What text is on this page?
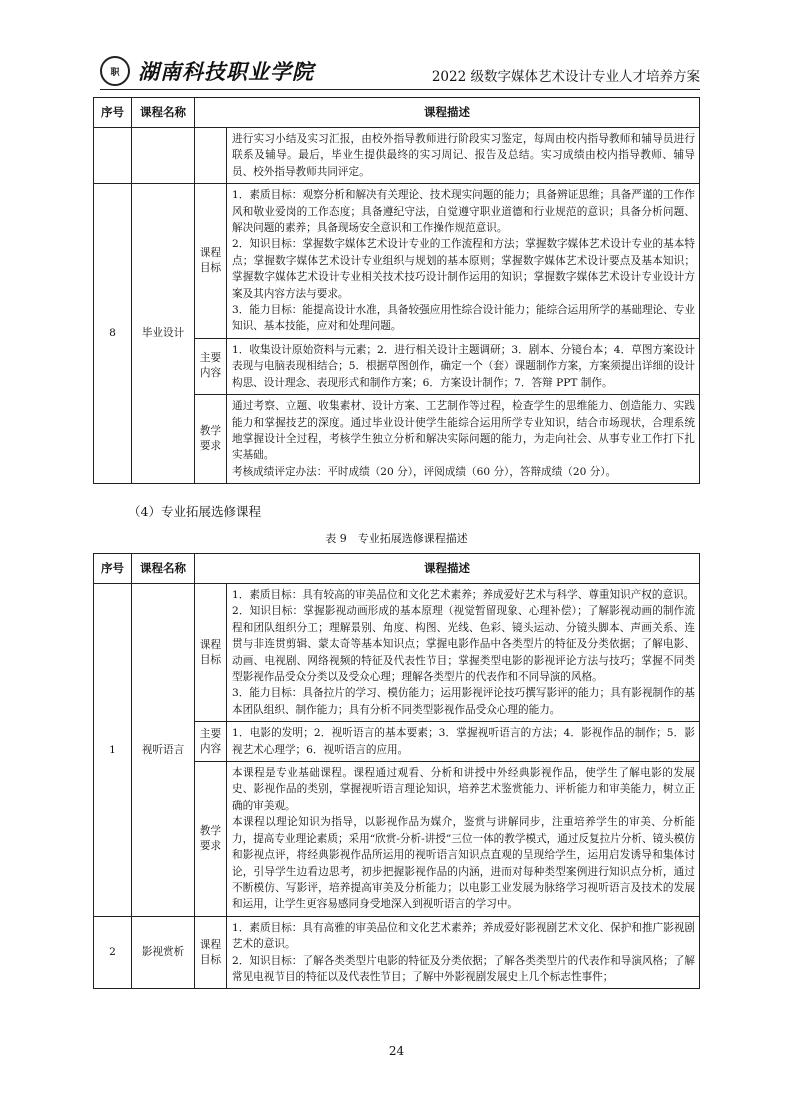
职 湖南科技职业学院	2022 级数字媒体艺术设计专业人才培养方案
序号	课程名称	课程描述	
			进行实习小结及实习汇报，由校外指导教师进行阶段实习鉴定，每周由校内指导教师和辅导员进行联系及辅导。最后，毕业生提供最终的实习周记、报告及总结。实习成绩由校内指导教师、辅导员、校外指导教师共同评定。
8	毕业设计	课程目标	1．素质目标：观察分析和解决有关理论、技术现实问题的能力；具备辨证思维；具备严谨的工作作风和敬业爱岗的工作态度；具备遵纪守法，自觉遵守职业道德和行业规范的意识；具备分析问题、解决问题的素养；具备现场安全意识和工作操作规范意识。

2．知识目标：掌握数字媒体艺术设计专业的工作流程和方法；掌握数字媒体艺术设计专业的基本特点；掌握数字媒体艺术设计专业组织与规划的基本原则；掌握数字媒体艺术设计要点及基本知识；掌握数字媒体艺术设计专业相关技术技巧设计制作运用的知识；掌握数字媒体艺术设计专业设计方案及其内容方法与要求。

3．能力目标：能提高设计水准，具备较强应用性综合设计能力；能综合运用所学的基础理论、专业知识、基本技能，应对和处理问题。

		主要内容	1．收集设计原始资料与元素；2．进行相关设计主题调研；3．剧本、分镜台本；4．草图方案设计表现与电脑表现相结合；5．根据草图创作，确定一个（套）课题制作方案，方案须提出详细的设计构思、设计理念、表现形式和制作方案；6．方案设计制作；7．答辩 PPT 制作。
		教学要求	通过考察、立题、收集素材、设计方案、工艺制作等过程，检查学生的思维能力、创造能力、实践能力和掌握技艺的深度。通过毕业设计使学生能综合运用所学专业知识，结合市场现状，合理系统地掌握设计全过程，考核学生独立分析和解决实际问题的能力，为走向社会、从事专业工作打下扎实基础。

考核成绩评定办法：平时成绩（20 分），评阅成绩（60 分），答辩成绩（20 分）。

（4）专业拓展选修课程
表 9　专业拓展选修课程描述
序号	课程名称	课程描述	
1	视听语言	课程目标	1．素质目标：具有较高的审美品位和文化艺术素养；养成爱好艺术与科学、尊重知识产权的意识。

2．知识目标：掌握影视动画形成的基本原理（视觉暂留现象、心理补偿）；了解影视动画的制作流程和团队组织分工；理解景别、角度、构图、光线、色彩、镜头运动、分镜头脚本、声画关系、连贯与非连贯剪辑、蒙太奇等基本知识点；掌握电影作品中各类型片的特征及分类依据；了解电影、动画、电视剧、网络视频的特征及代表性节目；掌握类型电影的影视评论方法与技巧；掌握不同类型影视作品受众分类以及受众心理；理解各类型片的代表作和不同导演的风格。

3．能力目标：具备拉片的学习、模仿能力；运用影视评论技巧撰写影评的能力；具有影视制作的基本团队组织、制作能力；具有分析不同类型影视作品受众心理的能力。

		主要内容	1．电影的发明；2．视听语言的基本要素；3．掌握视听语言的方法；4．影视作品的制作；5．影视艺术心理学；6．视听语言的应用。
		教学要求	本课程是专业基础课程。课程通过观看、分析和讲授中外经典影视作品，使学生了解电影的发展史、影视作品的类别，掌握视听语言理论知识，培养艺术鉴赏能力、评析能力和审美能力，树立正确的审美观。

本课程以理论知识为指导，以影视作品为媒介，鉴赏与讲解同步，注重培养学生的审美、分析能力，提高专业理论素质；采用“欣赏-分析-讲授”三位一体的教学模式，通过反复拉片分析、镜头模仿和影视点评，将经典影视作品所运用的视听语言知识点直观的呈现给学生，运用启发诱导和集体讨论，引导学生边看边思考，初步把握影视作品的内涵，进而对每种类型案例进行知识点分析，通过不断模仿、写影评，培养提高审美及分析能力；以电影工业发展为脉络学习视听语言及技术的发展和运用，让学生更容易感同身受地深入到视听语言的学习中。

2	影视赏析	课程目标	1．素质目标：具有高雅的审美品位和文化艺术素养；养成爱好影视剧艺术文化、保护和推广影视剧艺术的意识。

2．知识目标：了解各类类型片电影的特征及分类依据；了解各类类型片的代表作和导演风格；了解常见电视节目的特征以及代表性节目；了解中外影视剧发展史上几个标志性事件；

24
